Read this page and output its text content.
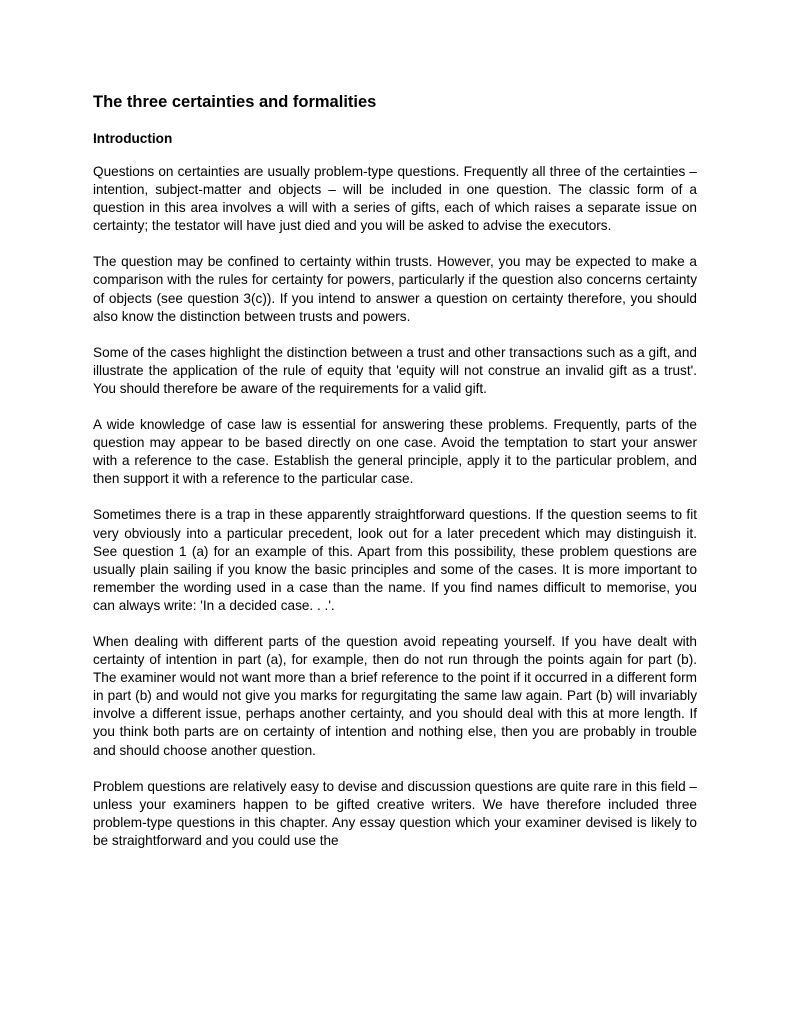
The three certainties and formalities
Introduction

Questions on certainties are usually problem-type questions. Frequently all three of the certainties – intention, subject-matter and objects – will be included in one question. The classic form of a question in this area involves a will with a series of gifts, each of which raises a separate issue on certainty; the testator will have just died and you will be asked to advise the executors.

The question may be confined to certainty within trusts. However, you may be expected to make a comparison with the rules for certainty for powers, particularly if the question also concerns certainty of objects (see question 3(c)). If you intend to answer a question on certainty therefore, you should also know the distinction between trusts and powers.

Some of the cases highlight the distinction between a trust and other transactions such as a gift, and illustrate the application of the rule of equity that 'equity will not construe an invalid gift as a trust'. You should therefore be aware of the requirements for a valid gift.

A wide knowledge of case law is essential for answering these problems. Frequently, parts of the question may appear to be based directly on one case. Avoid the temptation to start your answer with a reference to the case. Establish the general principle, apply it to the particular problem, and then support it with a reference to the particular case.

Sometimes there is a trap in these apparently straightforward questions. If the question seems to fit very obviously into a particular precedent, look out for a later precedent which may distinguish it. See question 1 (a) for an example of this. Apart from this possibility, these problem questions are usually plain sailing if you know the basic principles and some of the cases. It is more important to remember the wording used in a case than the name. If you find names difficult to memorise, you can always write: 'In a decided case. . .'.

When dealing with different parts of the question avoid repeating yourself. If you have dealt with certainty of intention in part (a), for example, then do not run through the points again for part (b). The examiner would not want more than a brief reference to the point if it occurred in a different form in part (b) and would not give you marks for regurgitating the same law again. Part (b) will invariably involve a different issue, perhaps another certainty, and you should deal with this at more length. If you think both parts are on certainty of intention and nothing else, then you are probably in trouble and should choose another question.

Problem questions are relatively easy to devise and discussion questions are quite rare in this field – unless your examiners happen to be gifted creative writers. We have therefore included three problem-type questions in this chapter. Any essay question which your examiner devised is likely to be straightforward and you could use the
